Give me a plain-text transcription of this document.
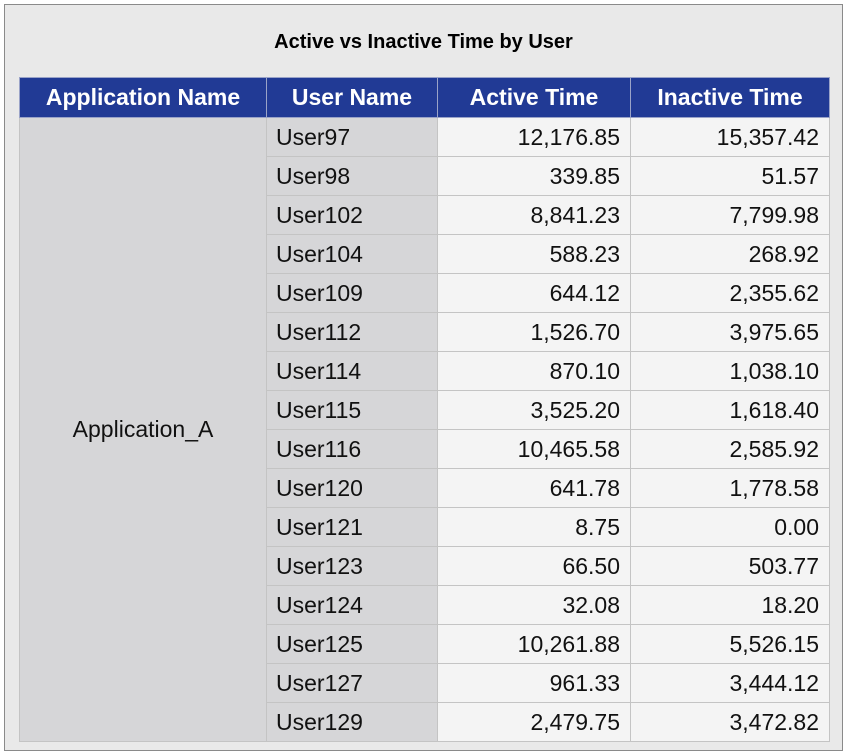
Active vs Inactive Time by User
Application Name	User Name	Active Time	Inactive Time
Application_A	User97	12,176.85	15,357.42
	User98	339.85	51.57
	User102	8,841.23	7,799.98
	User104	588.23	268.92
	User109	644.12	2,355.62
	User112	1,526.70	3,975.65
	User114	870.10	1,038.10
	User115	3,525.20	1,618.40
	User116	10,465.58	2,585.92
	User120	641.78	1,778.58
	User121	8.75	0.00
	User123	66.50	503.77
	User124	32.08	18.20
	User125	10,261.88	5,526.15
	User127	961.33	3,444.12
	User129	2,479.75	3,472.82
